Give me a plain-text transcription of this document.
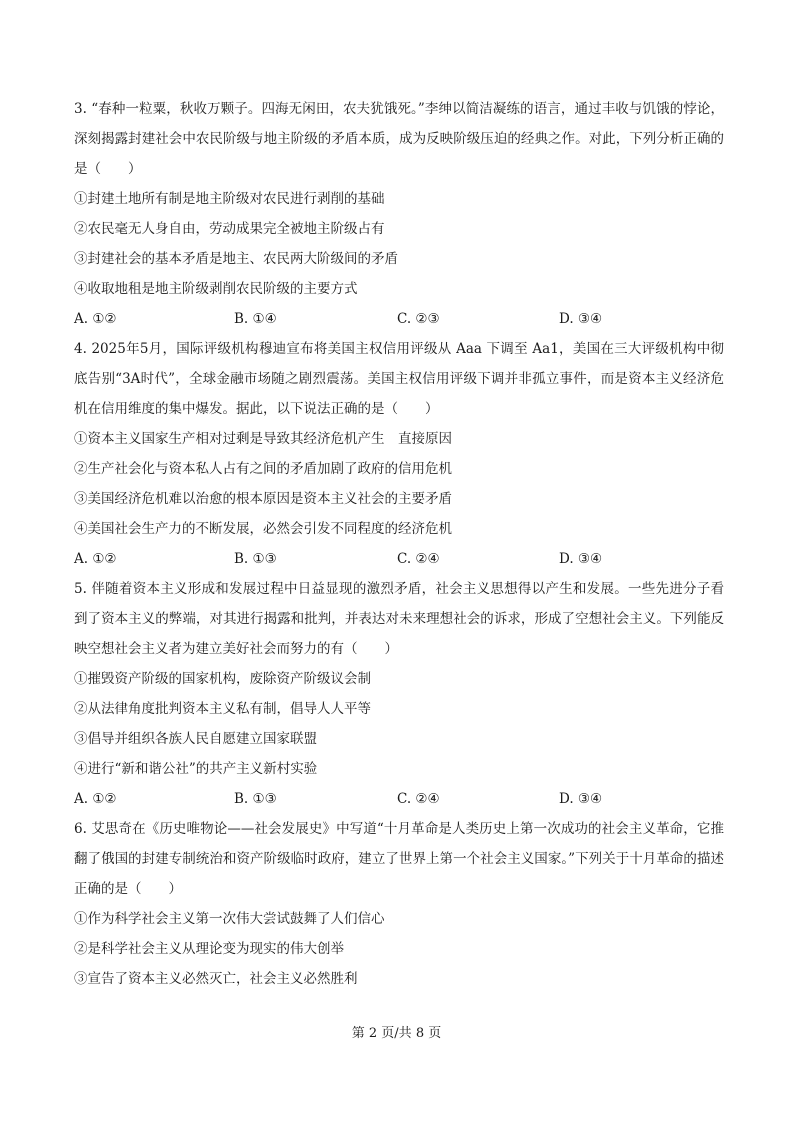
3. “春种一粒粟，秋收万颗子。四海无闲田，农夫犹饿死。”李绅以简洁凝练的语言，通过丰收与饥饿的悖论，深刻揭露封建社会中农民阶级与地主阶级的矛盾本质，成为反映阶级压迫的经典之作。对此，下列分析正确的是（　　）
①封建土地所有制是地主阶级对农民进行剥削的基础
②农民毫无人身自由，劳动成果完全被地主阶级占有
③封建社会的基本矛盾是地主、农民两大阶级间的矛盾
④收取地租是地主阶级剥削农民阶级的主要方式
A. ①②	B. ①④	C. ②③	D. ③④
4. 2025年5月，国际评级机构穆迪宣布将美国主权信用评级从 Aaa 下调至 Aa1，美国在三大评级机构中彻底告别“3A时代”，全球金融市场随之剧烈震荡。美国主权信用评级下调并非孤立事件，而是资本主义经济危机在信用维度的集中爆发。据此，以下说法正确的是（　　）
①资本主义国家生产相对过剩是导致其经济危机产生　直接原因
②生产社会化与资本私人占有之间的矛盾加剧了政府的信用危机
③美国经济危机难以治愈的根本原因是资本主义社会的主要矛盾
④美国社会生产力的不断发展，必然会引发不同程度的经济危机
A. ①②	B. ①③	C. ②④	D. ③④
5. 伴随着资本主义形成和发展过程中日益显现的激烈矛盾，社会主义思想得以产生和发展。一些先进分子看到了资本主义的弊端，对其进行揭露和批判，并表达对未来理想社会的诉求，形成了空想社会主义。下列能反映空想社会主义者为建立美好社会而努力的有（　　）
①摧毁资产阶级的国家机构，废除资产阶级议会制
②从法律角度批判资本主义私有制，倡导人人平等
③倡导并组织各族人民自愿建立国家联盟
④进行“新和谐公社”的共产主义新村实验
A. ①②	B. ①③	C. ②④	D. ③④
6. 艾思奇在《历史唯物论——社会发展史》中写道“十月革命是人类历史上第一次成功的社会主义革命，它推翻了俄国的封建专制统治和资产阶级临时政府，建立了世界上第一个社会主义国家。”下列关于十月革命的描述正确的是（　　）
①作为科学社会主义第一次伟大尝试鼓舞了人们信心
②是科学社会主义从理论变为现实的伟大创举
③宣告了资本主义必然灭亡，社会主义必然胜利
第 2 页/共 8 页
